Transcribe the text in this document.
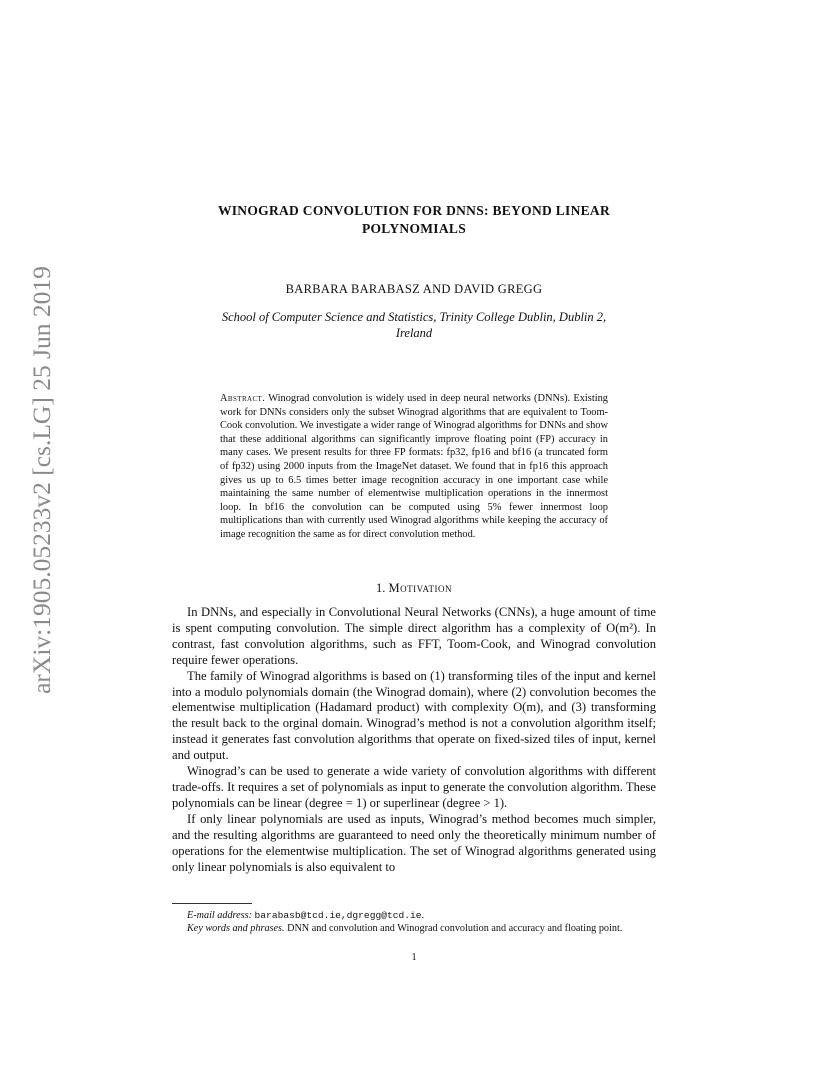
arXiv:1905.05233v2 [cs.LG] 25 Jun 2019
WINOGRAD CONVOLUTION FOR DNNS: BEYOND LINEAR
POLYNOMIALS
BARBARA BARABASZ AND DAVID GREGG
School of Computer Science and Statistics, Trinity College Dublin, Dublin 2,
Ireland
Abstract. Winograd convolution is widely used in deep neural networks (DNNs). Existing work for DNNs considers only the subset Winograd algorithms that are equivalent to Toom-Cook convolution. We investigate a wider range of Winograd algorithms for DNNs and show that these additional algorithms can significantly improve floating point (FP) accuracy in many cases. We present results for three FP formats: fp32, fp16 and bf16 (a truncated form of fp32) using 2000 inputs from the ImageNet dataset. We found that in fp16 this approach gives us up to 6.5 times better image recognition accuracy in one important case while maintaining the same number of elementwise multiplication operations in the innermost loop. In bf16 the convolution can be computed using 5% fewer innermost loop multiplications than with currently used Winograd algorithms while keeping the accuracy of image recognition the same as for direct convolution method.
1. Motivation

In DNNs, and especially in Convolutional Neural Networks (CNNs), a huge amount of time is spent computing convolution. The simple direct algorithm has a complexity of O(m²). In contrast, fast convolution algorithms, such as FFT, Toom-Cook, and Winograd convolution require fewer operations.

The family of Winograd algorithms is based on (1) transforming tiles of the input and kernel into a modulo polynomials domain (the Winograd domain), where (2) convolution becomes the elementwise multiplication (Hadamard product) with complexity O(m), and (3) transforming the result back to the orginal domain. Winograd’s method is not a convolution algorithm itself; instead it generates fast convolution algorithms that operate on fixed-sized tiles of input, kernel and output.

Winograd’s can be used to generate a wide variety of convolution algorithms with different trade-offs. It requires a set of polynomials as input to generate the convolution algorithm. These polynomials can be linear (degree = 1) or superlinear (degree > 1).

If only linear polynomials are used as inputs, Winograd’s method becomes much simpler, and the resulting algorithms are guaranteed to need only the theoretically minimum number of operations for the elementwise multiplication. The set of Winograd algorithms generated using only linear polynomials is also equivalent to

E-mail address: barabasb@tcd.ie,dgregg@tcd.ie.

Key words and phrases. DNN and convolution and Winograd convolution and accuracy and floating point.

1
